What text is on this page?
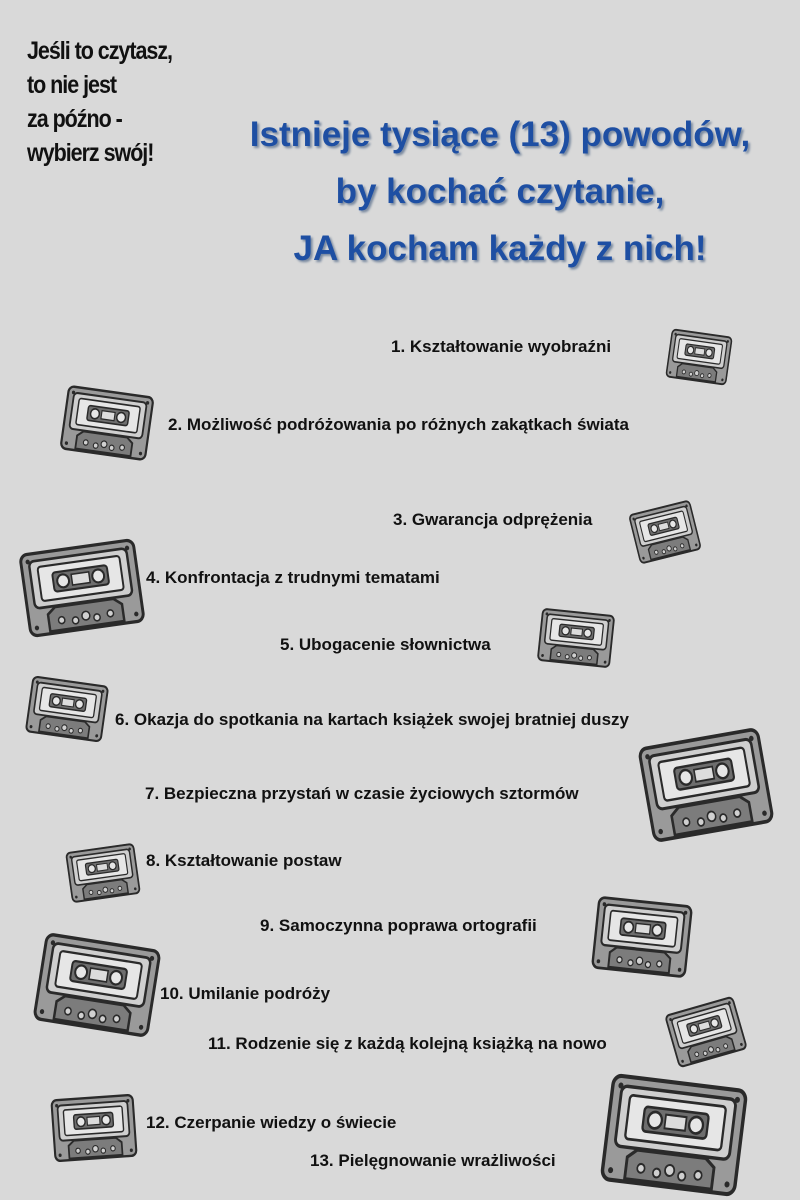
Jeśli to czytasz,
to nie jest
za późno -
wybierz swój!	Istnieje tysiące (13) powodów,
by kochać czytanie,
JA kocham każdy z nich!
1. Kształtowanie wyobraźni
2. Możliwość podróżowania po różnych zakątkach świata
3. Gwarancja odprężenia
4. Konfrontacja z trudnymi tematami
5. Ubogacenie słownictwa
6. Okazja do spotkania na kartach książek swojej bratniej duszy
7. Bezpieczna przystań w czasie życiowych sztormów
8. Kształtowanie postaw
9. Samoczynna poprawa ortografii
10. Umilanie podróży
11. Rodzenie się z każdą kolejną książką na nowo
12. Czerpanie wiedzy o świecie
13. Pielęgnowanie wrażliwości
